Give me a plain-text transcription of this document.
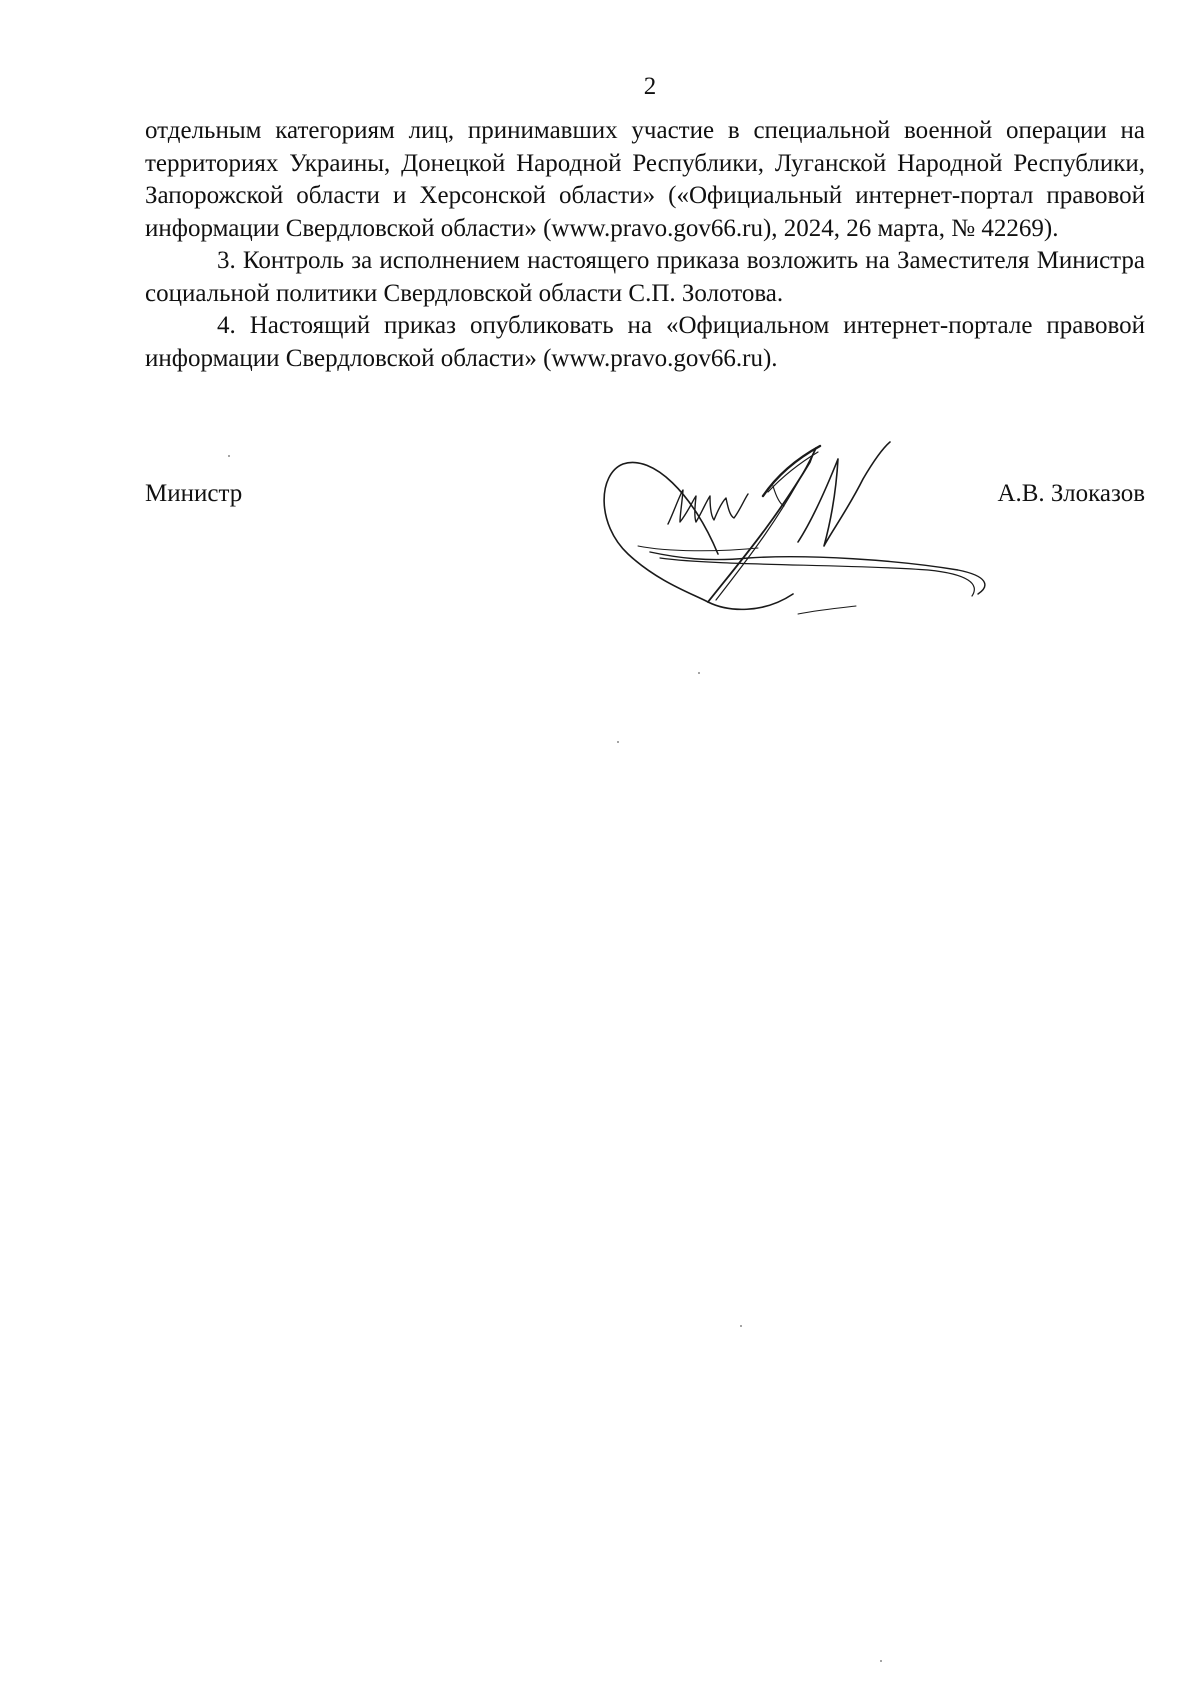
2

отдельным категориям лиц, принимавших участие в специальной военной операции на территориях Украины, Донецкой Народной Республики, Луганской Народной Республики, Запорожской области и Херсонской области» («Официальный интернет-портал правовой информации Свердловской области» (www.pravo.gov66.ru), 2024, 26 марта, № 42269).

3. Контроль за исполнением настоящего приказа возложить на Заместителя Министра социальной политики Свердловской области С.П. Золотова.

4. Настоящий приказ опубликовать на «Официальном интернет-портале правовой информации Свердловской области» (www.pravo.gov66.ru).

Министр	А.В. Злоказов
